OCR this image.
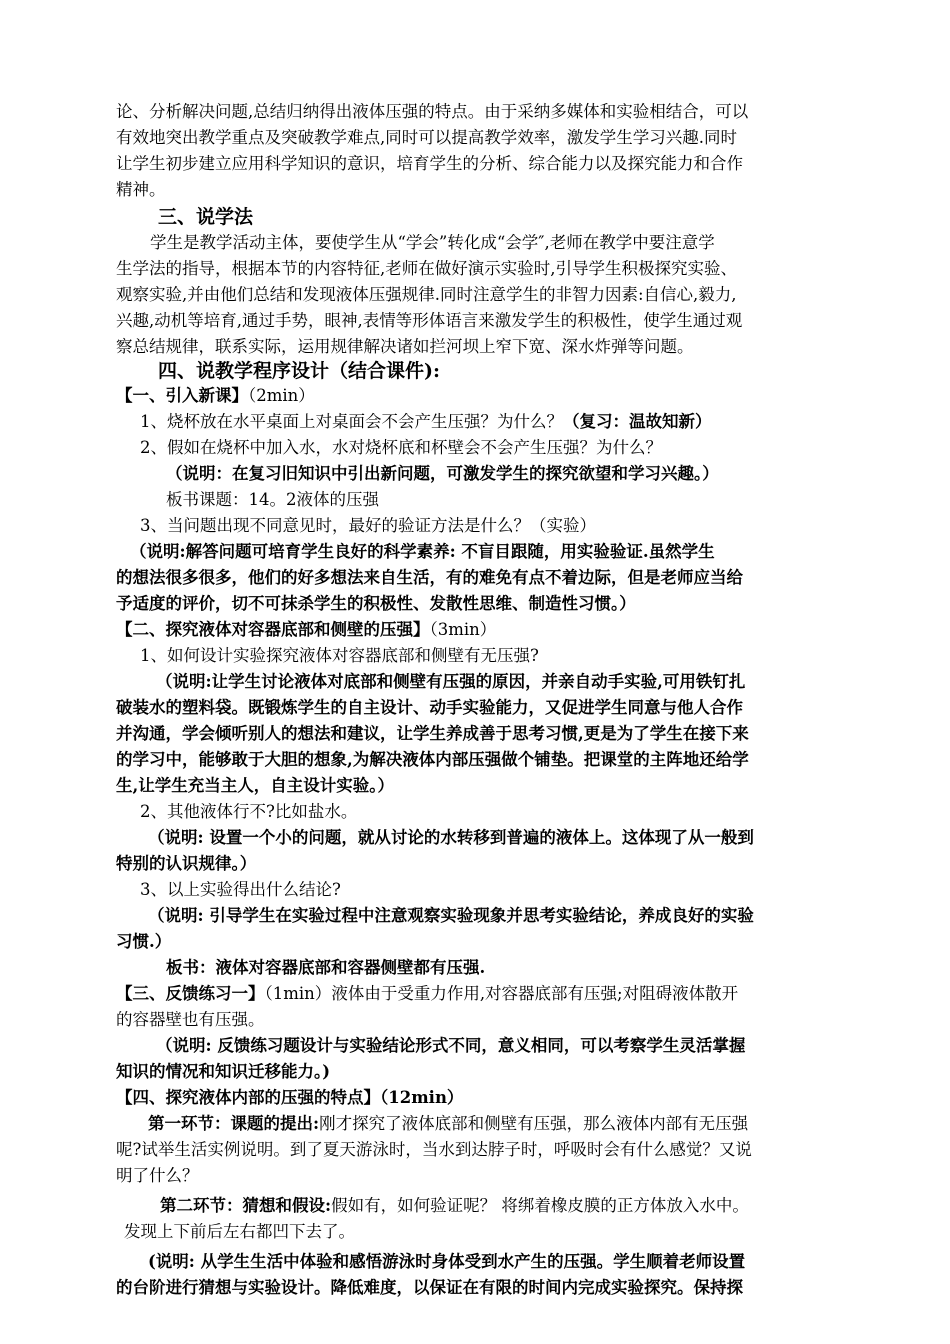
论、分析解决问题,总结归纳得出液体压强的特点。由于采纳多媒体和实验相结合，可以
有效地突出教学重点及突破教学难点,同时可以提高教学效率，激发学生学习兴趣.同时
让学生初步建立应用科学知识的意识，培育学生的分析、综合能力以及探究能力和合作
精神。
三、说学法
学生是教学活动主体，要使学生从“学会”转化成“会学″,老师在教学中要注意学
生学法的指导，根据本节的内容特征,老师在做好演示实验时,引导学生积极探究实验、
观察实验,并由他们总结和发现液体压强规律.同时注意学生的非智力因素:自信心,毅力,
兴趣,动机等培育,通过手势，眼神,表情等形体语言来激发学生的积极性，使学生通过观
察总结规律，联系实际，运用规律解决诸如拦河坝上窄下宽、深水炸弹等问题。
四、说教学程序设计（结合课件):
【一、引入新课】（2min）
1、烧杯放在水平桌面上对桌面会不会产生压强？为什么？（复习：温故知新）
2、假如在烧杯中加入水，水对烧杯底和杯壁会不会产生压强？为什么？
（说明：在复习旧知识中引出新问题，可激发学生的探究欲望和学习兴趣。）
板书课题：14。2液体的压强
3、当问题出现不同意见时，最好的验证方法是什么？（实验）
（说明:解答问题可培育学生良好的科学素养: 不盲目跟随，用实验验证.虽然学生
的想法很多很多，他们的好多想法来自生活，有的难免有点不着边际，但是老师应当给
予适度的评价，切不可抹杀学生的积极性、发散性思维、制造性习惯。）
【二、探究液体对容器底部和侧壁的压强】（3min）
1、如何设计实验探究液体对容器底部和侧壁有无压强?
（说明:让学生讨论液体对底部和侧壁有压强的原因，并亲自动手实验,可用铁钉扎
破装水的塑料袋。既锻炼学生的自主设计、动手实验能力，又促进学生同意与他人合作
并沟通，学会倾听别人的想法和建议，让学生养成善于思考习惯,更是为了学生在接下来
的学习中，能够敢于大胆的想象,为解决液体内部压强做个铺垫。把课堂的主阵地还给学
生,让学生充当主人，自主设计实验。）
2、其他液体行不?比如盐水。
（说明: 设置一个小的问题，就从讨论的水转移到普遍的液体上。这体现了从一般到
特别的认识规律。）
3、以上实验得出什么结论?
（说明: 引导学生在实验过程中注意观察实验现象并思考实验结论，养成良好的实验
习惯.）
板书：液体对容器底部和容器侧壁都有压强.
【三、反馈练习一】（1min）液体由于受重力作用,对容器底部有压强;对阻碍液体散开
的容器壁也有压强。
（说明: 反馈练习题设计与实验结论形式不同，意义相同，可以考察学生灵活掌握
知识的情况和知识迁移能力。)
【四、探究液体内部的压强的特点】（12min）
第一环节：课题的提出:刚才探究了液体底部和侧壁有压强，那么液体内部有无压强
呢?试举生活实例说明。到了夏天游泳时，当水到达脖子时，呼吸时会有什么感觉？又说
明了什么？
第二环节：猜想和假设:假如有，如何验证呢？ 将绑着橡皮膜的正方体放入水中。
发现上下前后左右都凹下去了。
(说明: 从学生生活中体验和感悟游泳时身体受到水产生的压强。学生顺着老师设置
的台阶进行猜想与实验设计。降低难度，以保证在有限的时间内完成实验探究。保持探
